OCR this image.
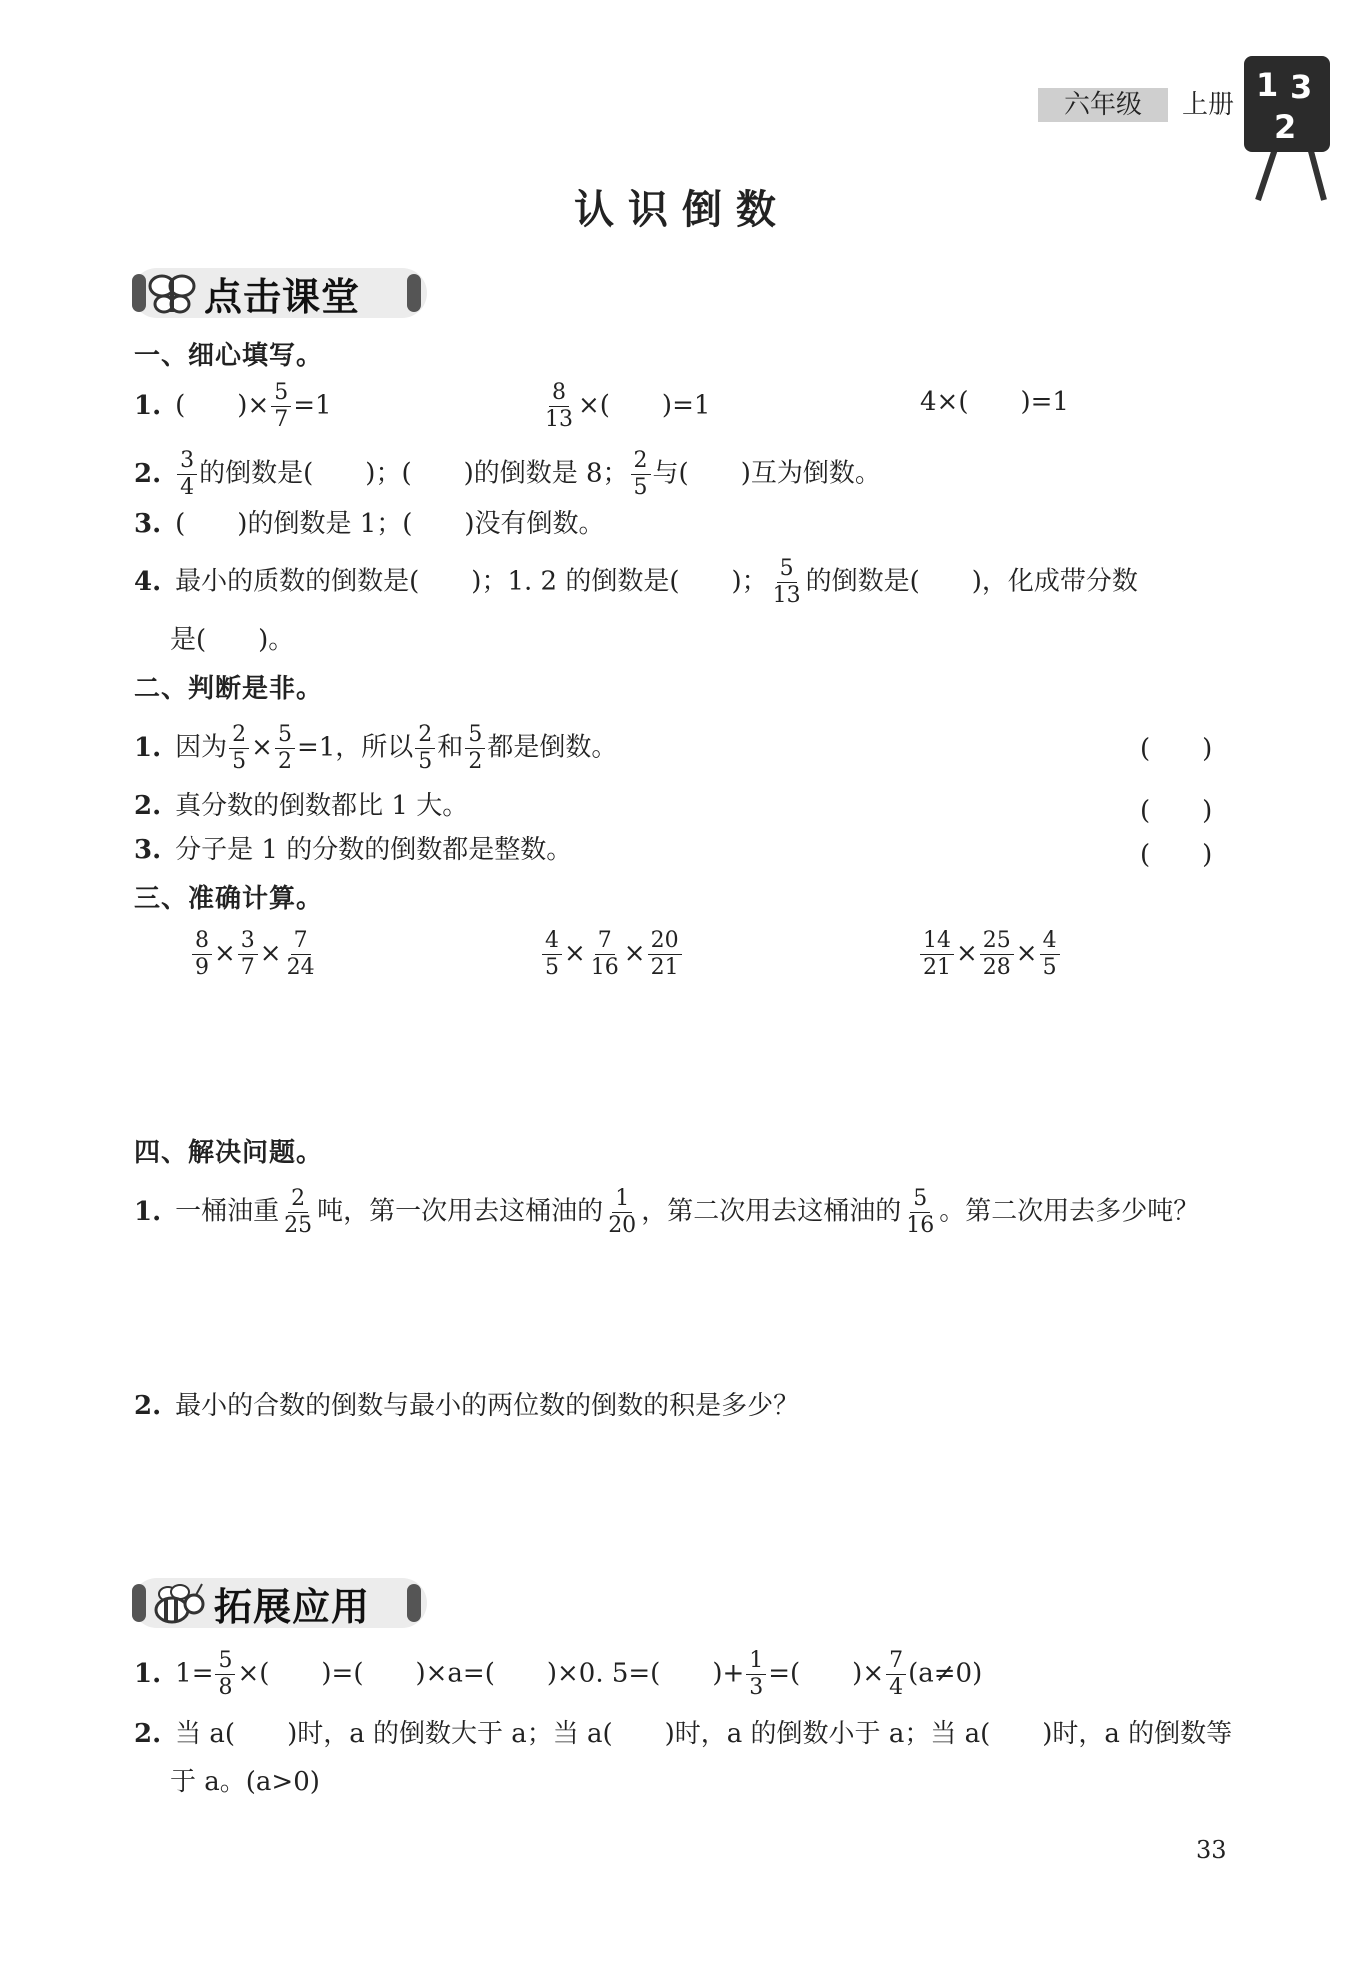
六年级	上册
1 3
2
认 识 倒 数
点击课堂
一、细心填写。
1. (　　)× $\frac{5}{7} =1$	$\frac{8}{13}$ ×(　　)=1	4×(　　)=1
2. $\frac{3}{4}$ 的倒数是(　　)；(　　)的倒数是 8； $\frac{2}{5}$ 与(　　)互为倒数。
3. (　　)的倒数是 1；(　　)没有倒数。
4. 最小的质数的倒数是(　　)；1. 2 的倒数是(　　)； $\frac{5}{13}$ 的倒数是(　　)，化成带分数
是(　　)。
二、判断是非。
1. 因为 $\frac{2}{5} \times \frac{5}{2} =1$，所以 $\frac{2}{5}$ 和 $\frac{5}{2}$ 都是倒数。	(　　)
2. 真分数的倒数都比 1 大。	(　　)
3. 分子是 1 的分数的倒数都是整数。	(　　)
三、准确计算。
$\frac{8}{9} \times \frac{3}{7} \times \frac{7}{24}$	$\frac{4}{5} \times \frac{7}{16} \times \frac{20}{21}$	$\frac{14}{21} \times \frac{25}{28} \times \frac{4}{5}$
四、解决问题。
1. 一桶油重 $\frac{2}{25}$ 吨，第一次用去这桶油的 $\frac{1}{20}$ ，第二次用去这桶油的 $\frac{5}{16}$ 。第二次用去多少吨？
2. 最小的合数的倒数与最小的两位数的倒数的积是多少？
拓展应用
1. $1= \frac{5}{8}$ ×(　　)=(　　)×a=(　　)×0. 5=(　　)+ $\frac{1}{3}$ =(　　)× $\frac{7}{4} (a\ne 0)$
2. 当 a(　　)时，a 的倒数大于 a；当 a(　　)时，a 的倒数小于 a；当 a(　　)时，a 的倒数等
于 a。(a>0)
33
